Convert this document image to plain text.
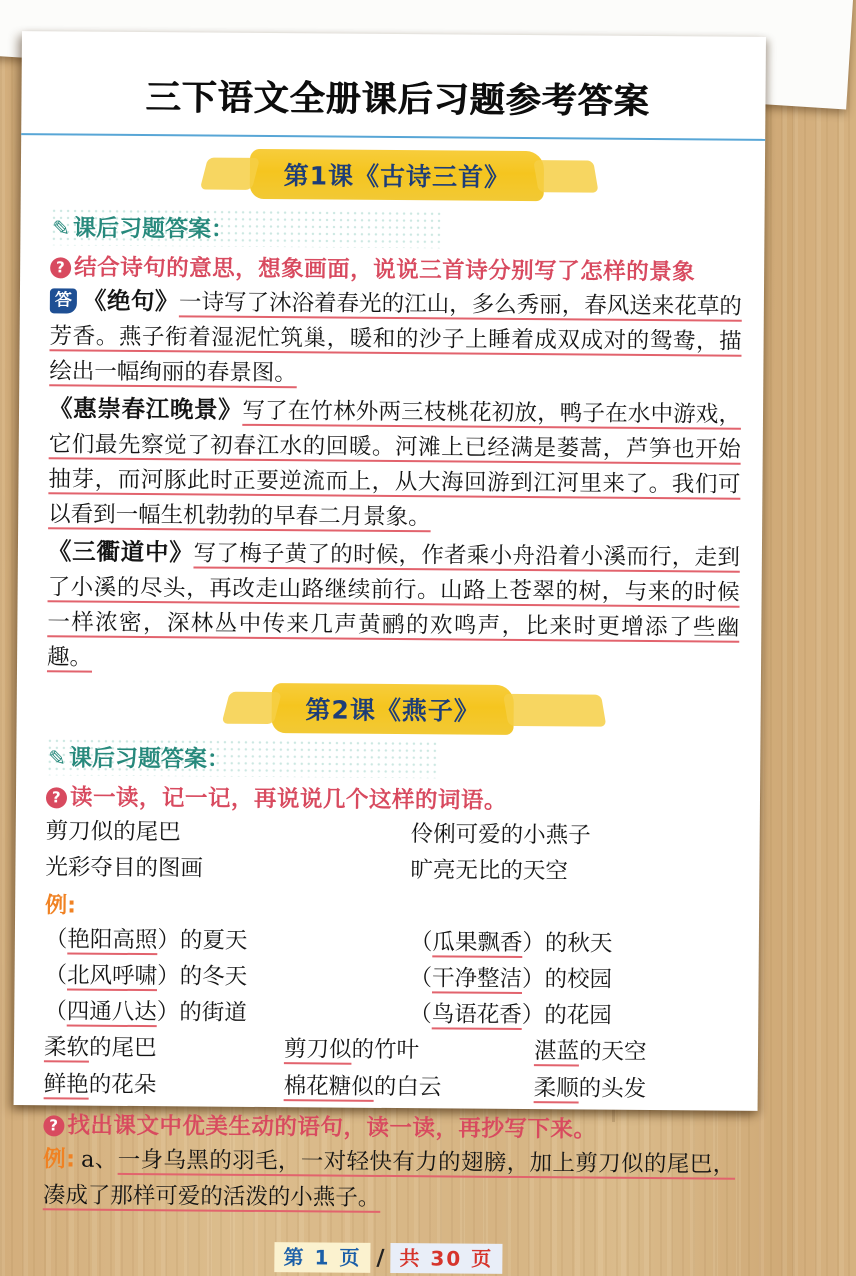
三下语文全册课后习题参考答案
第1课《古诗三首》
✎ 课后习题答案：
? 结合诗句的意思，想象画面，说说三首诗分别写了怎样的景象

答 《绝句》一诗写了沐浴着春光的江山，多么秀丽，春风送来花草的芳香。燕子衔着湿泥忙筑巢，暖和的沙子上睡着成双成对的鸳鸯，描绘出一幅绚丽的春景图。

《惠崇春江晚景》写了在竹林外两三枝桃花初放，鸭子在水中游戏，它们最先察觉了初春江水的回暖。河滩上已经满是蒌蒿，芦笋也开始抽芽，而河豚此时正要逆流而上，从大海回游到江河里来了。我们可以看到一幅生机勃勃的早春二月景象。

《三衢道中》写了梅子黄了的时候，作者乘小舟沿着小溪而行，走到了小溪的尽头，再改走山路继续前行。山路上苍翠的树，与来的时候一样浓密，深林丛中传来几声黄鹂的欢鸣声，比来时更增添了些幽趣。

第2课《燕子》
✎ 课后习题答案：
? 读一读，记一记，再说说几个这样的词语。
剪刀似的尾巴	伶俐可爱的小燕子
光彩夺目的图画	旷亮无比的天空
例:
（艳阳高照）的夏天	（瓜果飘香）的秋天
（北风呼啸）的冬天	（干净整洁）的校园
（四通八达）的街道	（鸟语花香）的花园
柔软的尾巴	剪刀似的竹叶	湛蓝的天空
鲜艳的花朵	棉花糖似的白云	柔顺的头发
? 找出课文中优美生动的语句，读一读，再抄写下来。

例: a、一身乌黑的羽毛，一对轻快有力的翅膀，加上剪刀似的尾巴，凑成了那样可爱的活泼的小燕子。

第 1 页 / 共 30 页
